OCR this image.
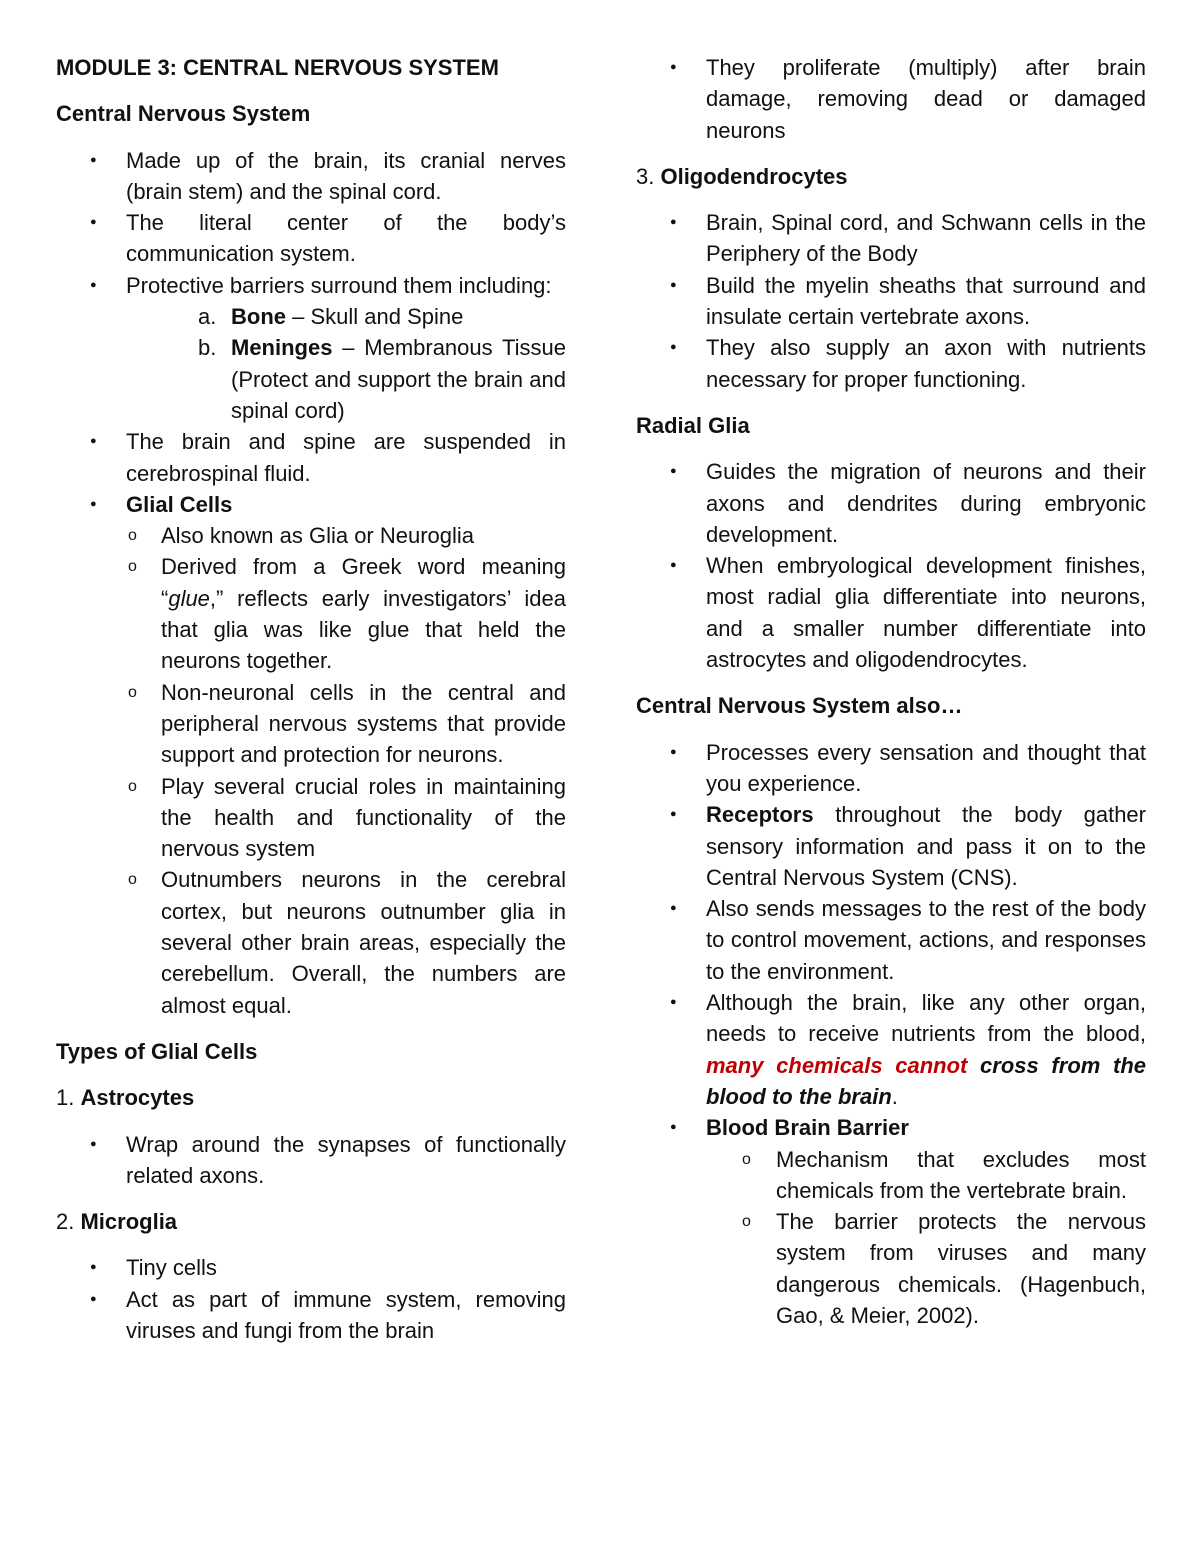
MODULE 3: CENTRAL NERVOUS SYSTEM
Central Nervous System
● Made up of the brain, its cranial nerves (brain stem) and the spinal cord.
● The literal center of the body’s communication system.
● Protective barriers surround them including:
a. Bone – Skull and Spine
b. Meninges – Membranous Tissue (Protect and support the brain and spinal cord)
● The brain and spine are suspended in cerebrospinal fluid.
● Glial Cells
o Also known as Glia or Neuroglia
o Derived from a Greek word meaning “glue,” reflects early investigators’ idea that glia was like glue that held the neurons together.
o Non-neuronal cells in the central and peripheral nervous systems that provide support and protection for neurons.
o Play several crucial roles in maintaining the health and functionality of the nervous system
o Outnumbers neurons in the cerebral cortex, but neurons outnumber glia in several other brain areas, especially the cerebellum. Overall, the numbers are almost equal.
Types of Glial Cells
1. Astrocytes
● Wrap around the synapses of functionally related axons.
2. Microglia
● Tiny cells
● Act as part of immune system, removing viruses and fungi from the brain
● They proliferate (multiply) after brain damage, removing dead or damaged neurons
3. Oligodendrocytes
● Brain, Spinal cord, and Schwann cells in the Periphery of the Body
● Build the myelin sheaths that surround and insulate certain vertebrate axons.
● They also supply an axon with nutrients necessary for proper functioning.
Radial Glia
● Guides the migration of neurons and their axons and dendrites during embryonic development.
● When embryological development finishes, most radial glia differentiate into neurons, and a smaller number differentiate into astrocytes and oligodendrocytes.
Central Nervous System also…
● Processes every sensation and thought that you experience.
● Receptors throughout the body gather sensory information and pass it on to the Central Nervous System (CNS).
● Also sends messages to the rest of the body to control movement, actions, and responses to the environment.
● Although the brain, like any other organ, needs to receive nutrients from the blood, many chemicals cannot cross from the blood to the brain.
● Blood Brain Barrier
o Mechanism that excludes most chemicals from the vertebrate brain.
o The barrier protects the nervous system from viruses and many dangerous chemicals. (Hagenbuch, Gao, & Meier, 2002).
